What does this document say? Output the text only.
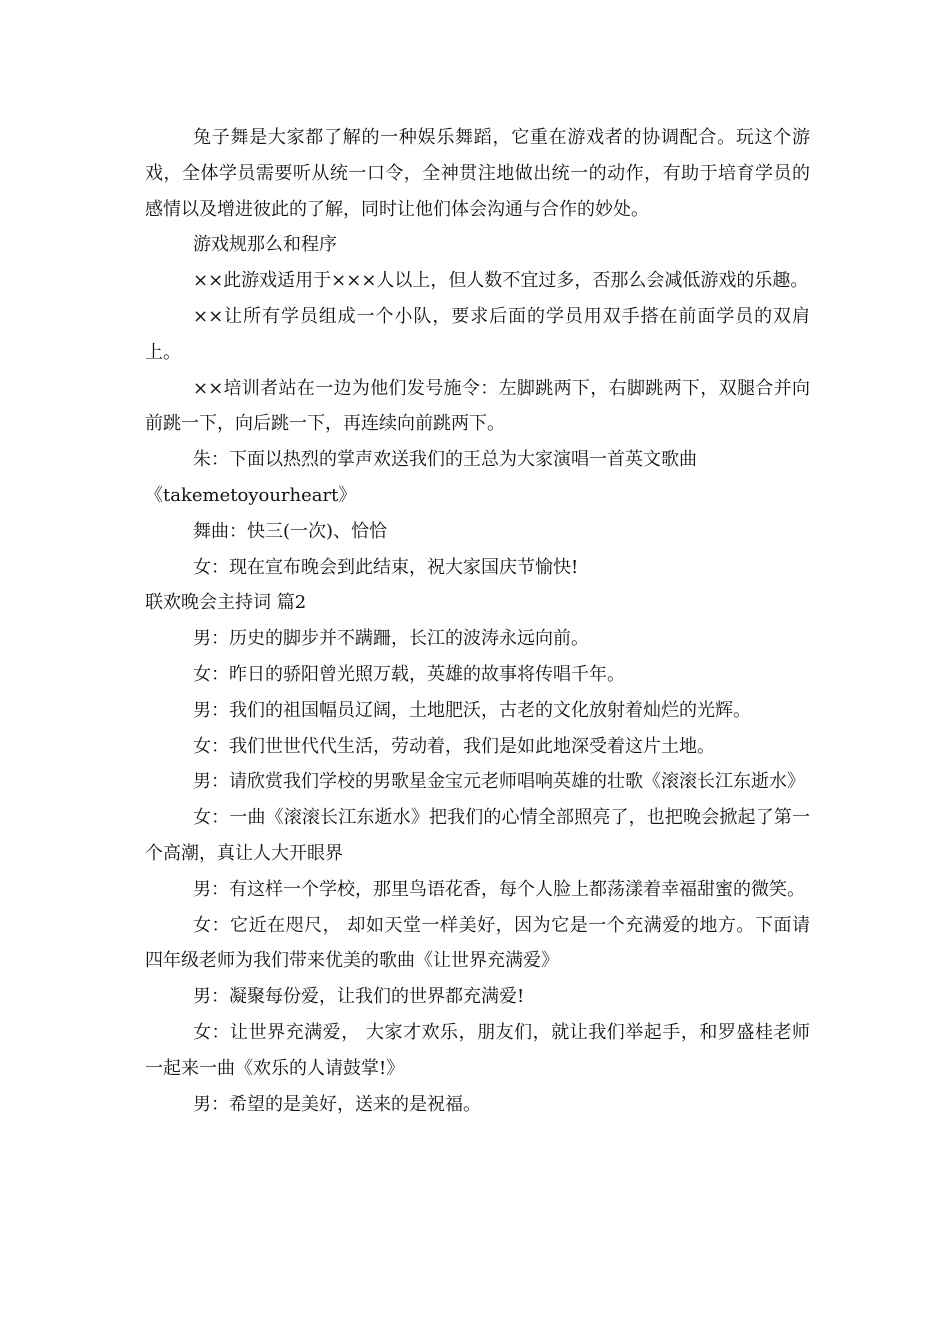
兔子舞是大家都了解的一种娱乐舞蹈，它重在游戏者的协调配合。玩这个游戏，全体学员需要听从统一口令，全神贯注地做出统一的动作，有助于培育学员的感情以及增进彼此的了解，同时让他们体会沟通与合作的妙处。

游戏规那么和程序

××此游戏适用于×××人以上，但人数不宜过多，否那么会减低游戏的乐趣。

××让所有学员组成一个小队，要求后面的学员用双手搭在前面学员的双肩上。

××培训者站在一边为他们发号施令：左脚跳两下，右脚跳两下，双腿合并向前跳一下，向后跳一下，再连续向前跳两下。

朱：下面以热烈的掌声欢送我们的王总为大家演唱一首英文歌曲

《takemetoyourheart》

舞曲：快三(一次)、恰恰

女：现在宣布晚会到此结束，祝大家国庆节愉快!

联欢晚会主持词 篇2

男：历史的脚步并不蹒跚，长江的波涛永远向前。

女：昨日的骄阳曾光照万载，英雄的故事将传唱千年。

男：我们的祖国幅员辽阔，土地肥沃，古老的文化放射着灿烂的光辉。

女：我们世世代代生活，劳动着，我们是如此地深受着这片土地。

男：请欣赏我们学校的男歌星金宝元老师唱响英雄的壮歌《滚滚长江东逝水》

女：一曲《滚滚长江东逝水》把我们的心情全部照亮了，也把晚会掀起了第一个高潮，真让人大开眼界

男：有这样一个学校，那里鸟语花香，每个人脸上都荡漾着幸福甜蜜的微笑。

女：它近在咫尺， 却如天堂一样美好，因为它是一个充满爱的地方。下面请四年级老师为我们带来优美的歌曲《让世界充满爱》

男：凝聚每份爱，让我们的世界都充满爱!

女：让世界充满爱， 大家才欢乐，朋友们，就让我们举起手，和罗盛桂老师一起来一曲《欢乐的人请鼓掌!》

男：希望的是美好，送来的是祝福。
